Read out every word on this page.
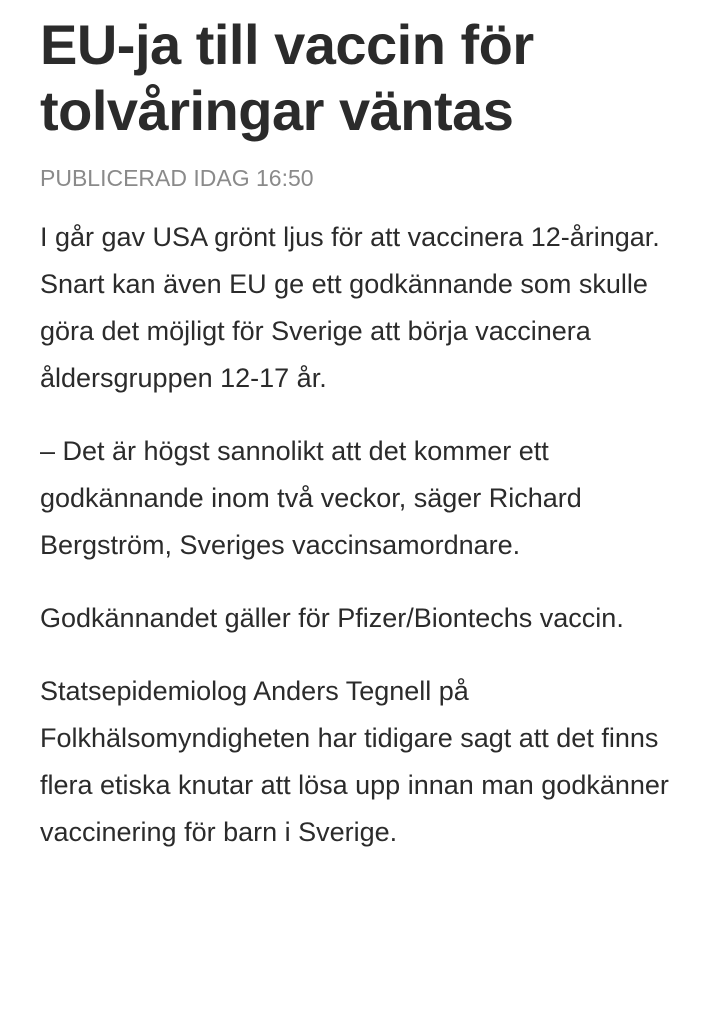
EU-ja till vaccin för
tolvåringar väntas
PUBLICERAD IDAG 16:50

I går gav USA grönt ljus för att vaccinera 12-åringar. Snart kan även EU ge ett godkännande som skulle göra det möjligt för Sverige att börja vaccinera åldersgruppen 12-17 år.

– Det är högst sannolikt att det kommer ett godkännande inom två veckor, säger Richard Bergström, Sveriges vaccinsamordnare.

Godkännandet gäller för Pfizer/Biontechs vaccin.

Statsepidemiolog Anders Tegnell på Folkhälsomyndigheten har tidigare sagt att det finns flera etiska knutar att lösa upp innan man godkänner vaccinering för barn i Sverige.
